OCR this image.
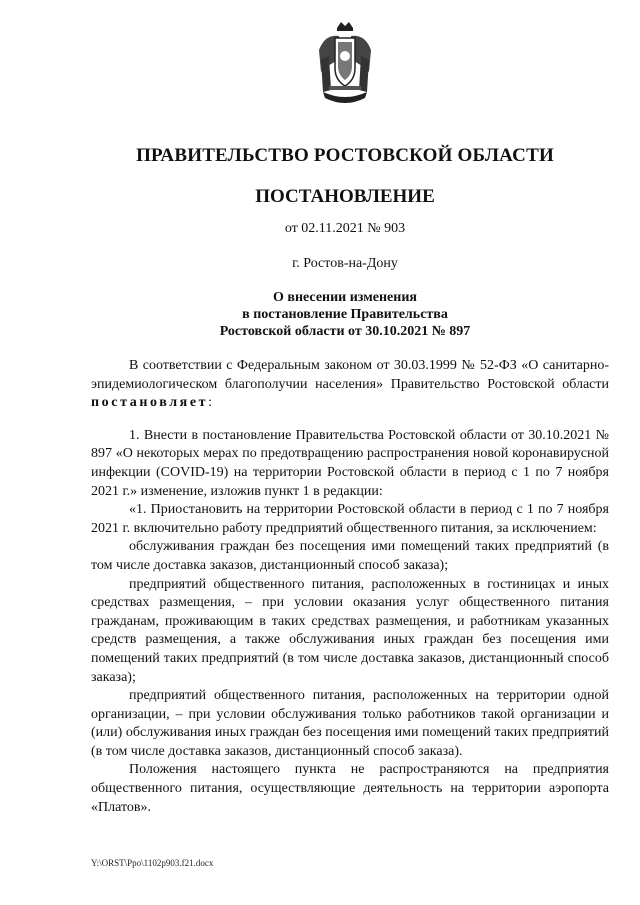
ПРАВИТЕЛЬСТВО РОСТОВСКОЙ ОБЛАСТИ
ПОСТАНОВЛЕНИЕ
от 02.11.2021 № 903
г. Ростов-на-Дону
О внесении изменения
в постановление Правительства
Ростовской области от 30.10.2021 № 897

В соответствии с Федеральным законом от 30.03.1999 № 52-ФЗ «О санитарно-эпидемиологическом благополучии населения» Правительство Ростовской области постановляет:

1. Внести в постановление Правительства Ростовской области от 30.10.2021 № 897 «О некоторых мерах по предотвращению распространения новой коронавирусной инфекции (COVID-19) на территории Ростовской области в период с 1 по 7 ноября 2021 г.» изменение, изложив пункт 1 в редакции:

«1. Приостановить на территории Ростовской области в период с 1 по 7 ноября 2021 г. включительно работу предприятий общественного питания, за исключением:

обслуживания граждан без посещения ими помещений таких предприятий (в том числе доставка заказов, дистанционный способ заказа);

предприятий общественного питания, расположенных в гостиницах и иных средствах размещения, – при условии оказания услуг общественного питания гражданам, проживающим в таких средствах размещения, и работникам указанных средств размещения, а также обслуживания иных граждан без посещения ими помещений таких предприятий (в том числе доставка заказов, дистанционный способ заказа);

предприятий общественного питания, расположенных на территории одной организации, – при условии обслуживания только работников такой организации и (или) обслуживания иных граждан без посещения ими помещений таких предприятий (в том числе доставка заказов, дистанционный способ заказа).

Положения настоящего пункта не распространяются на предприятия общественного питания, осуществляющие деятельность на территории аэропорта «Платов».

Y:\ORST\Ppo\1102p903.f21.docx
